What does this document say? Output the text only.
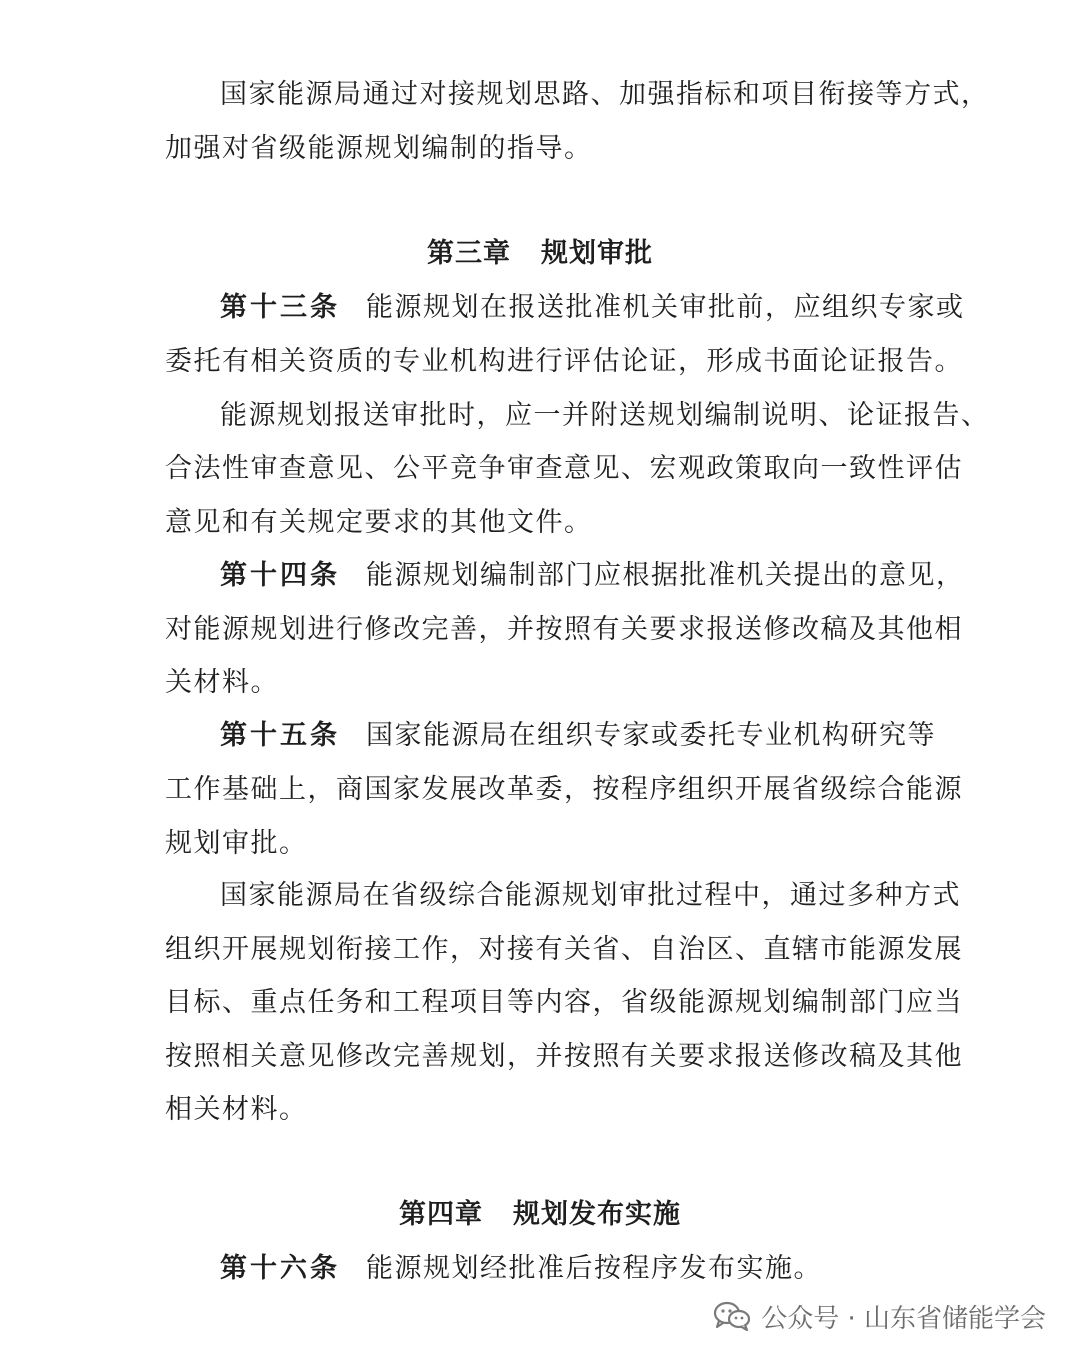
国家能源局通过对接规划思路、加强指标和项目衔接等方式，
加强对省级能源规划编制的指导。
第三章 规划审批
第十三条 能源规划在报送批准机关审批前，应组织专家或
委托有相关资质的专业机构进行评估论证，形成书面论证报告。
能源规划报送审批时，应一并附送规划编制说明、论证报告、
合法性审查意见、公平竞争审查意见、宏观政策取向一致性评估
意见和有关规定要求的其他文件。
第十四条 能源规划编制部门应根据批准机关提出的意见，
对能源规划进行修改完善，并按照有关要求报送修改稿及其他相
关材料。
第十五条 国家能源局在组织专家或委托专业机构研究等
工作基础上，商国家发展改革委，按程序组织开展省级综合能源
规划审批。
国家能源局在省级综合能源规划审批过程中，通过多种方式
组织开展规划衔接工作，对接有关省、自治区、直辖市能源发展
目标、重点任务和工程项目等内容，省级能源规划编制部门应当
按照相关意见修改完善规划，并按照有关要求报送修改稿及其他
相关材料。
第四章 规划发布实施
第十六条 能源规划经批准后按程序发布实施。
公众号 · 山东省储能学会
